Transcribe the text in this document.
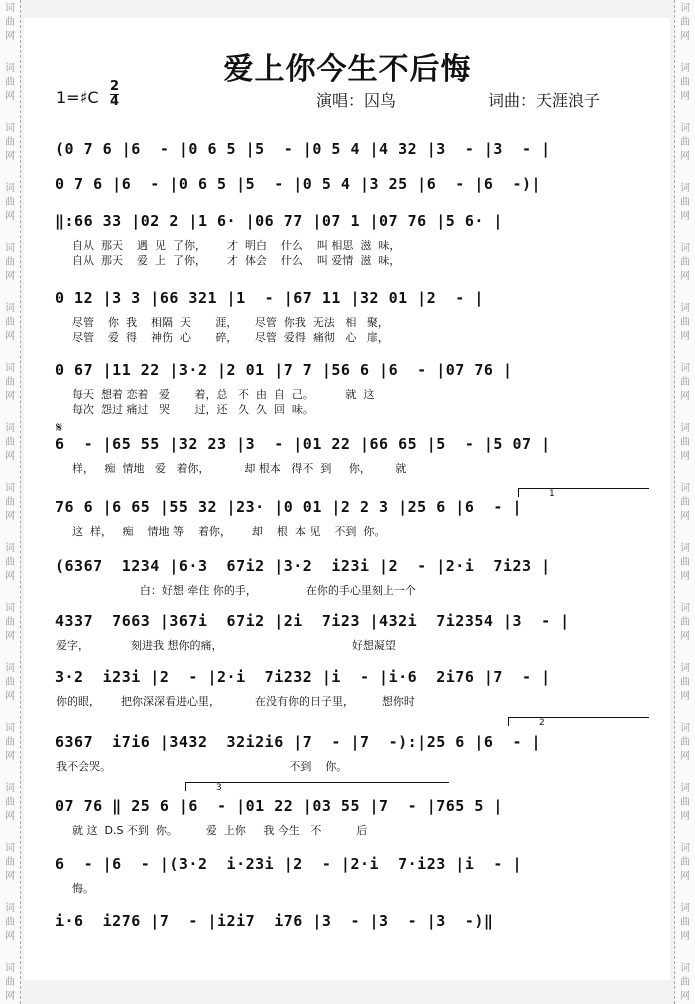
词
曲
网
词
曲
网
词
曲
网
词
曲
网
词
曲
网
词
曲
网
词
曲
网
词
曲
网
词
曲
网
词
曲
网
词
曲
网
词
曲
网
词
曲
网
词
曲
网
词
曲
网
词
曲
网
词
曲
网
词
曲
网
词
曲
网
词
曲
网
词
曲
网
词
曲
网
词
曲
网
词
曲
网
词
曲
网
词
曲
网
词
曲
网
词
曲
网
词
曲
网
词
曲
网
词
曲
网
词
曲
网
词
曲
网
词
曲
网
爱上你今生不后悔
1=♯C
2
4	演唱：囚鸟	词曲：天涯浪子
𝄋
(0 7 6 |6  - |0 6 5 |5  - |0 5 4 |4 32 |3  - |3  - |
0 7 6 |6  - |0 6 5 |5  - |0 5 4 |3 25 |6  - |6  -)|
‖:66 33 |02 2 |1 6· |06 77 |07 1 |07 76 |5 6· |
自从  那天    遇  见  了你，      才  明白    什么    叫 相思  滋  味，
自从  那天    爱  上  了你，      才  体会    什么    叫 爱情  滋  味，
0 12 |3 3 |66 321 |1  - |67 11 |32 01 |2  - |
尽管    你  我    相隔  天       涯，     尽管  你我  无法   相   聚，
尽管    爱  得    神伤  心       碎，     尽管  爱得  痛彻   心   扉，
0 67 |11 22 |3·2 |2 01 |7 7 |56 6 |6  - |07 76 |
每天  想着 恋着   爱       着，总   不  由  自  己。         就  这
每次  怨过 痛过   哭       过，还   久  久  回  味。
6  - |65 55 |32 23 |3  - |01 22 |66 65 |5  - |5 07 |
样，   痴  情地   爱   着你，          却 根本   得不  到     你，       就
76 6 |6 65 |55 32 |23· |0 01 |2 2 3 |25 6 |6  - |
这  样，   痴    情地 等    着你，      却    根  本 见    不到  你。
(6367  1234 |6·3  67i2 |3·2  i23i |2  - |2·i  7i23 |
白：好想 牵住 你的手，              在你的手心里刻上一个
4337  7663 |367i  67i2 |2i  7i23 |432i  7i2354 |3  - |
爱字，            刻进我 想你的痛，                                     好想凝望
3·2  i23i |2  - |2·i  7i232 |i  - |i·6  2i76 |7  - |
你的眼，      把你深深看进心里，          在没有你的日子里，        想你时
6367  i7i6 |3432  32i2i6 |7  - |7  -):|25 6 |6  - |
我不会哭。                                                   不到    你。
07 76 ‖ 25 6 |6  - |01 22 |03 55 |7  - |765 5 |
就 这  D.S 不到  你。        爱  上你     我 今生   不          后
6  - |6  - |(3·2  i·23i |2  - |2·i  7·i23 |i  - |
悔。
i·6  i276 |7  - |i2i7  i76 |3  - |3  - |3  -)‖
1
2
3
